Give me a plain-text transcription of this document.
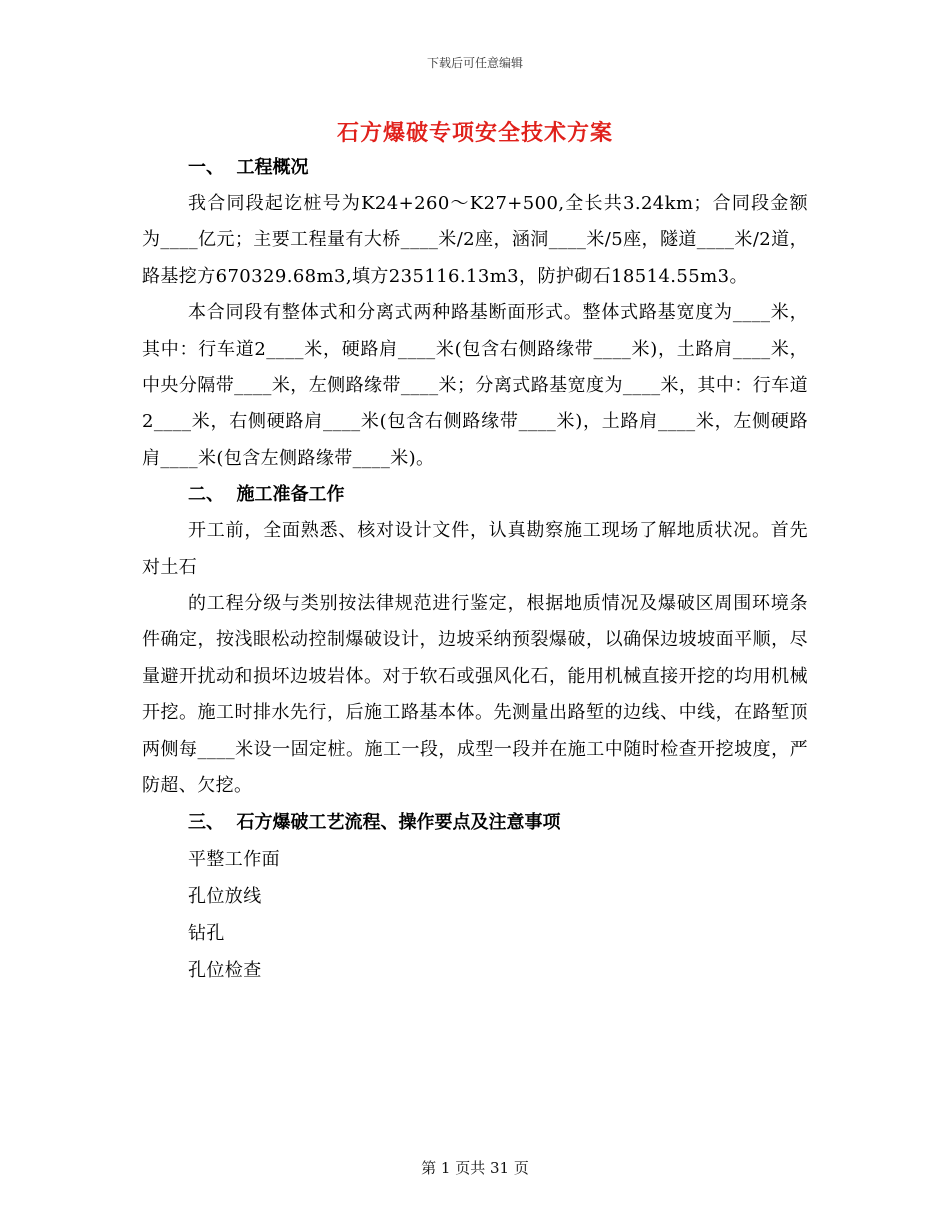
下载后可任意编辑
石方爆破专项安全技术方案
一、  工程概况
我合同段起讫桩号为K24+260～K27+500,全长共3.24km；合同段金额为____亿元；主要工程量有大桥____米/2座，涵洞____米/5座，隧道____米/2道，路基挖方670329.68m3,填方235116.13m3，防护砌石18514.55m3。
本合同段有整体式和分离式两种路基断面形式。整体式路基宽度为____米，其中：行车道2____米，硬路肩____米(包含右侧路缘带____米)，土路肩____米，中央分隔带____米，左侧路缘带____米；分离式路基宽度为____米，其中：行车道2____米，右侧硬路肩____米(包含右侧路缘带____米)，土路肩____米，左侧硬路肩____米(包含左侧路缘带____米)。
二、  施工准备工作
开工前，全面熟悉、核对设计文件，认真勘察施工现场了解地质状况。首先对土石
的工程分级与类别按法律规范进行鉴定，根据地质情况及爆破区周围环境条件确定，按浅眼松动控制爆破设计，边坡采纳预裂爆破，以确保边坡坡面平顺，尽量避开扰动和损坏边坡岩体。对于软石或强风化石，能用机械直接开挖的均用机械开挖。施工时排水先行，后施工路基本体。先测量出路堑的边线、中线，在路堑顶两侧每____米设一固定桩。施工一段，成型一段并在施工中随时检查开挖坡度，严防超、欠挖。
三、  石方爆破工艺流程、操作要点及注意事项
平整工作面
孔位放线
钻孔
孔位检查
第 1 页共 31 页
